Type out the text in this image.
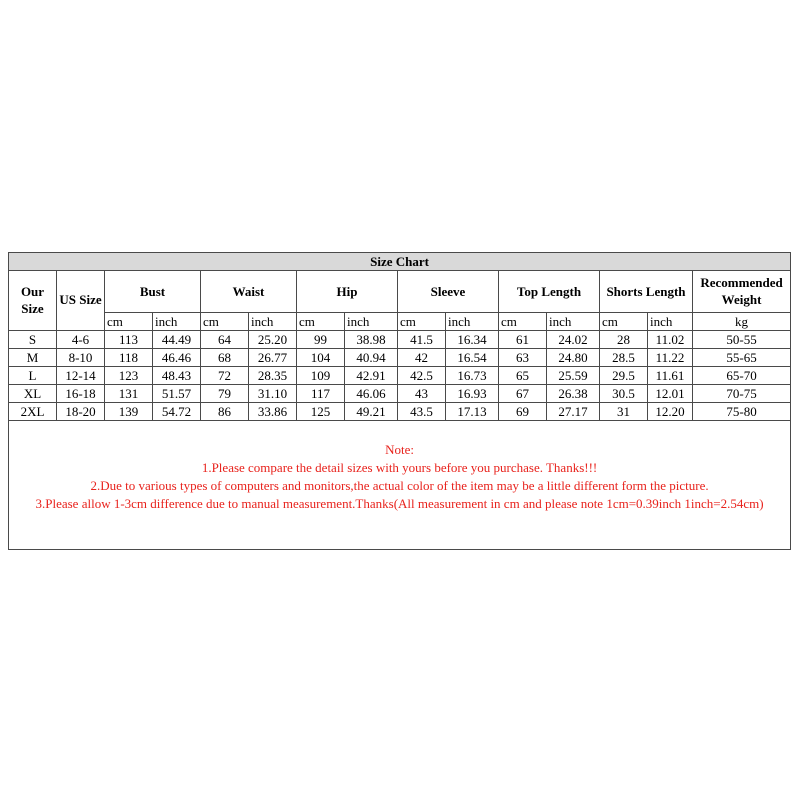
Size Chart														
Our Size	US Size	Bust		Waist		Hip		Sleeve		Top Length		Shorts Length		Recommended Weight
		cm	inch	cm	inch	cm	inch	cm	inch	cm	inch	cm	inch	kg
S	4-6	113	44.49	64	25.20	99	38.98	41.5	16.34	61	24.02	28	11.02	50-55
M	8-10	118	46.46	68	26.77	104	40.94	42	16.54	63	24.80	28.5	11.22	55-65
L	12-14	123	48.43	72	28.35	109	42.91	42.5	16.73	65	25.59	29.5	11.61	65-70
XL	16-18	131	51.57	79	31.10	117	46.06	43	16.93	67	26.38	30.5	12.01	70-75
2XL	18-20	139	54.72	86	33.86	125	49.21	43.5	17.13	69	27.17	31	12.20	75-80

Note:
1.Please compare the detail sizes with yours before you purchase. Thanks!!!
2.Due to various types of computers and monitors,the actual color of the item may be a little different form the picture.
3.Please allow 1-3cm difference due to manual measurement.Thanks(All measurement in cm and please note 1cm=0.39inch 1inch=2.54cm)														
